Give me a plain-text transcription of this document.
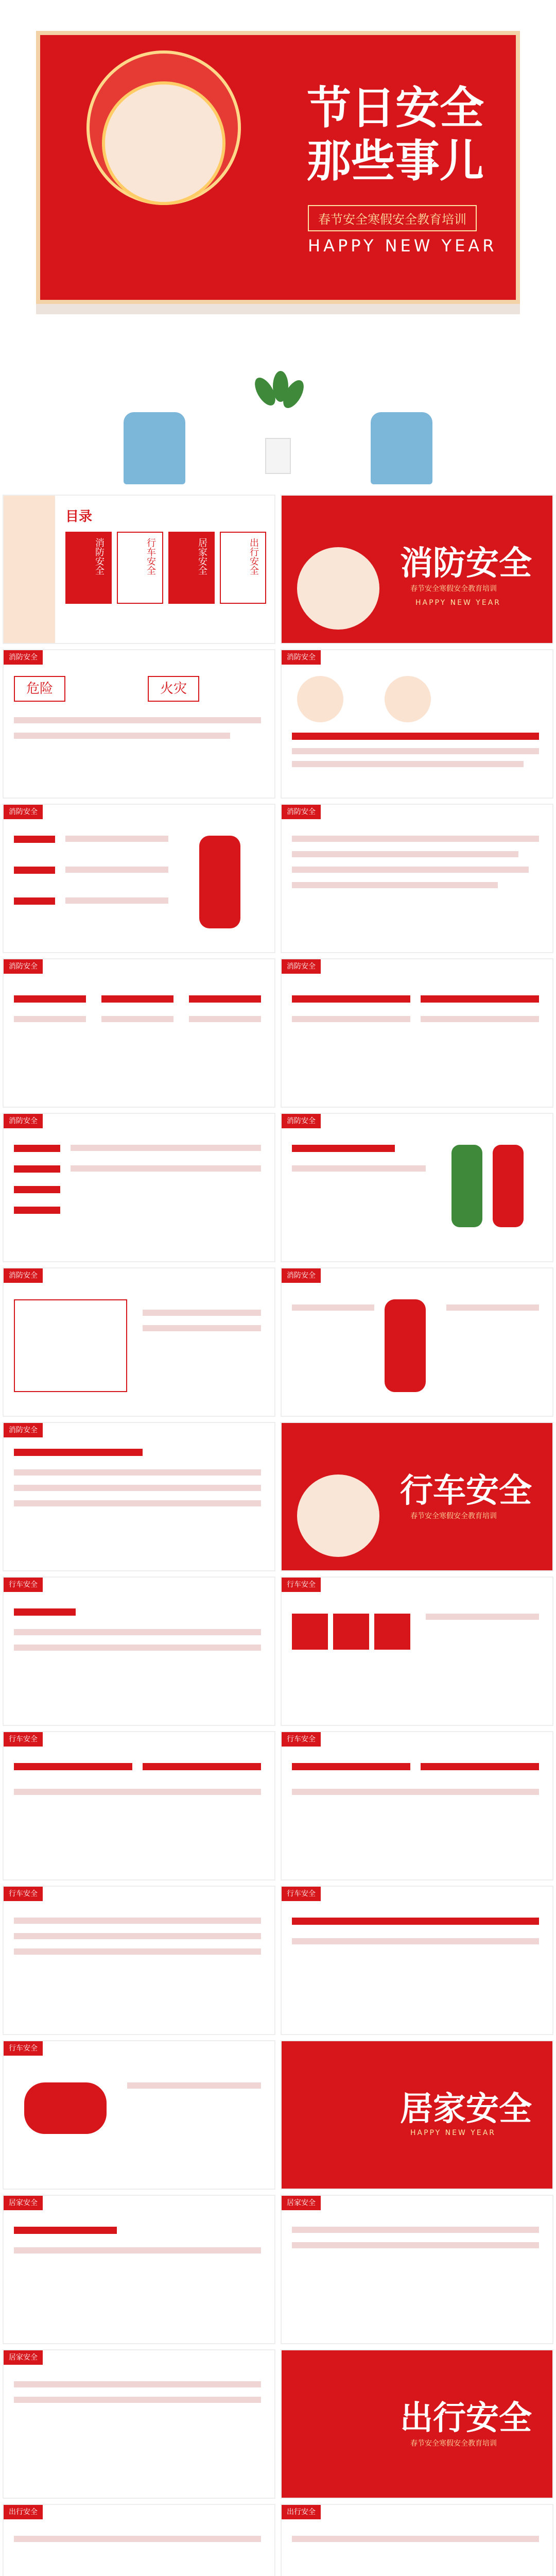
节日安全
那些事儿
春节安全寒假安全教育培训
HAPPY NEW YEAR
目录
消防安全	行车安全	居家安全	出行安全	消防安全
春节安全寒假安全教育培训
HAPPY NEW YEAR
消防安全
危险	火灾
消防安全
消防安全	消防安全
消防安全	消防安全
消防安全	消防安全
消防安全	消防安全
消防安全
行车安全
春节安全寒假安全教育培训
行车安全	行车安全
行车安全	行车安全
行车安全	行车安全
行车安全
居家安全
HAPPY NEW YEAR
居家安全	居家安全
居家安全
出行安全
春节安全寒假安全教育培训
出行安全	出行安全
